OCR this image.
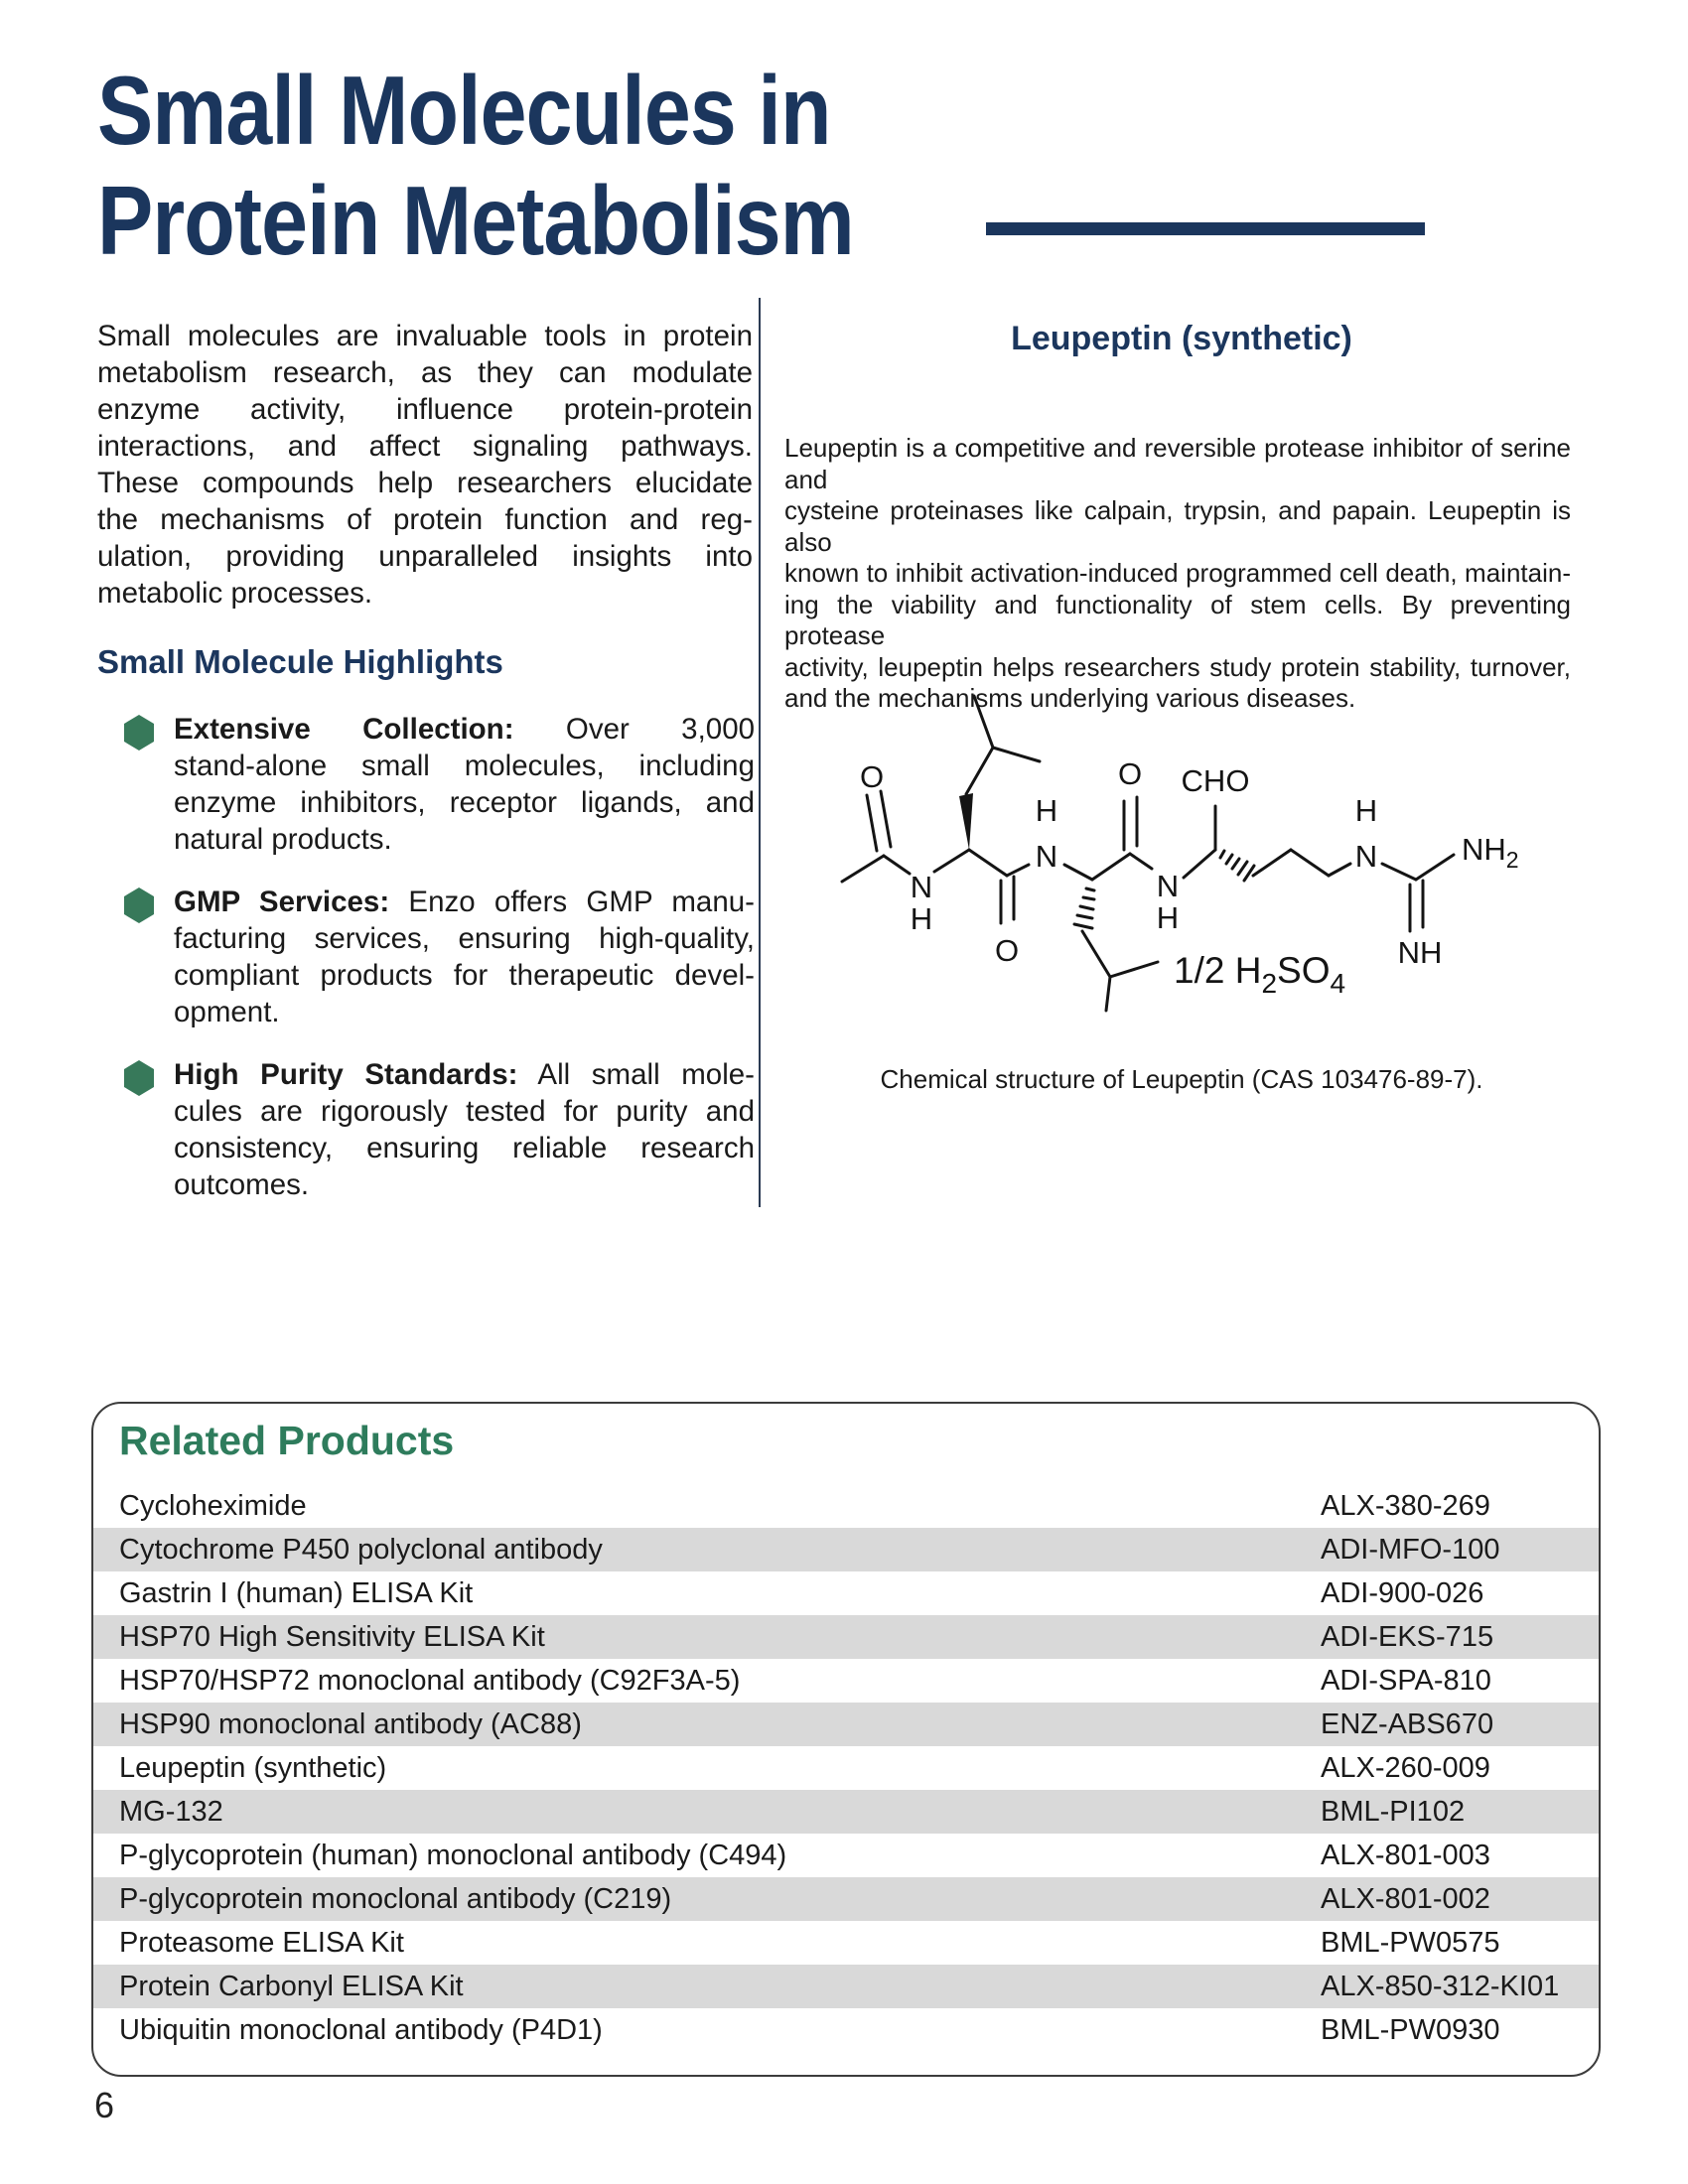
Small Molecules in
Protein Metabolism
Small molecules are invaluable tools in protein
metabolism research, as they can modulate
enzyme activity, influence protein-protein
interactions, and affect signaling pathways.
These compounds help researchers elucidate
the mechanisms of protein function and reg-
ulation, providing unparalleled insights into
metabolic processes.
Small Molecule Highlights
Extensive Collection: Over 3,000
stand-alone small molecules, including
enzyme inhibitors, receptor ligands, and
natural products.
GMP Services: Enzo offers GMP manu-
facturing services, ensuring high-quality,
compliant products for therapeutic devel-
opment.
High Purity Standards: All small mole-
cules are rigorously tested for purity and
consistency, ensuring reliable research
outcomes.
Leupeptin (synthetic)
Leupeptin is a competitive and reversible protease inhibitor of serine and
cysteine proteinases like calpain, trypsin, and papain. Leupeptin is also
known to inhibit activation-induced programmed cell death, maintain-
ing the viability and functionality of stem cells. By preventing protease
activity, leupeptin helps researchers study protein stability, turnover,
and the mechanisms underlying various diseases.
O
N
H
O
H
N
O
N
H
CHO
H
N
NH
$NH_2$
1/2 $H_2SO_4$
Chemical structure of Leupeptin (CAS 103476-89-7).
Related Products
Cycloheximide	ALX-380-269
Cytochrome P450 polyclonal antibody	ADI-MFO-100
Gastrin I (human) ELISA Kit	ADI-900-026
HSP70 High Sensitivity ELISA Kit	ADI-EKS-715
HSP70/HSP72 monoclonal antibody (C92F3A-5)	ADI-SPA-810
HSP90 monoclonal antibody (AC88)	ENZ-ABS670
Leupeptin (synthetic)	ALX-260-009
MG-132	BML-PI102
P-glycoprotein (human) monoclonal antibody (C494)	ALX-801-003
P-glycoprotein monoclonal antibody (C219)	ALX-801-002
Proteasome ELISA Kit	BML-PW0575
Protein Carbonyl ELISA Kit	ALX-850-312-KI01
Ubiquitin monoclonal antibody (P4D1)	BML-PW0930
6
